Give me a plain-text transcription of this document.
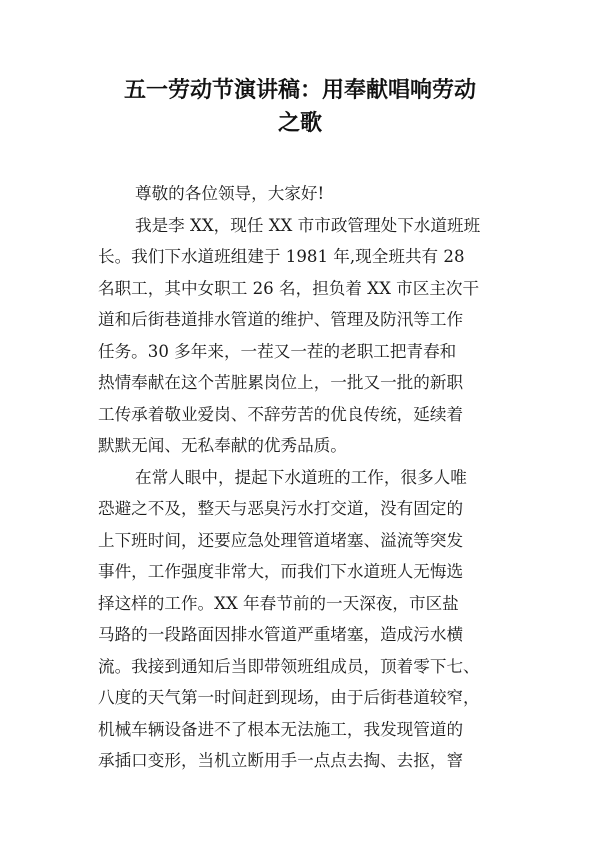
五一劳动节演讲稿：用奉献唱响劳动
之歌

尊敬的各位领导，大家好!

我是李 XX，现任 XX 市市政管理处下水道班班
长。我们下水道班组建于 1981 年,现全班共有 28
名职工，其中女职工 26 名，担负着 XX 市区主次干
道和后街巷道排水管道的维护、管理及防汛等工作
任务。30 多年来，一茬又一茬的老职工把青春和
热情奉献在这个苦脏累岗位上，一批又一批的新职
工传承着敬业爱岗、不辞劳苦的优良传统，延续着
默默无闻、无私奉献的优秀品质。

在常人眼中，提起下水道班的工作，很多人唯
恐避之不及，整天与恶臭污水打交道，没有固定的
上下班时间，还要应急处理管道堵塞、溢流等突发
事件，工作强度非常大，而我们下水道班人无悔选
择这样的工作。XX 年春节前的一天深夜，市区盐
马路的一段路面因排水管道严重堵塞，造成污水横
流。我接到通知后当即带领班组成员，顶着零下七、
八度的天气第一时间赶到现场，由于后街巷道较窄，
机械车辆设备进不了根本无法施工，我发现管道的
承插口变形，当机立断用手一点点去掏、去抠，窨
